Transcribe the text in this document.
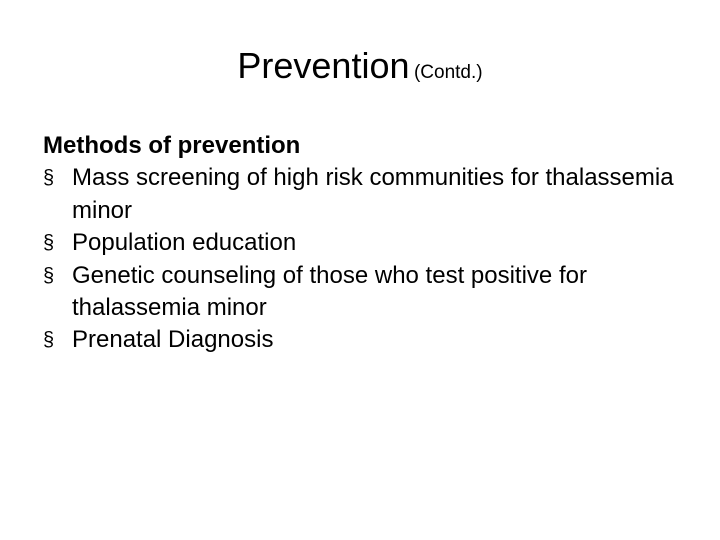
Prevention (Contd.)

Methods of prevention

§ Mass screening of high risk communities for thalassemia minor
§ Population education
§ Genetic counseling of those who test positive for thalassemia minor
§ Prenatal Diagnosis
